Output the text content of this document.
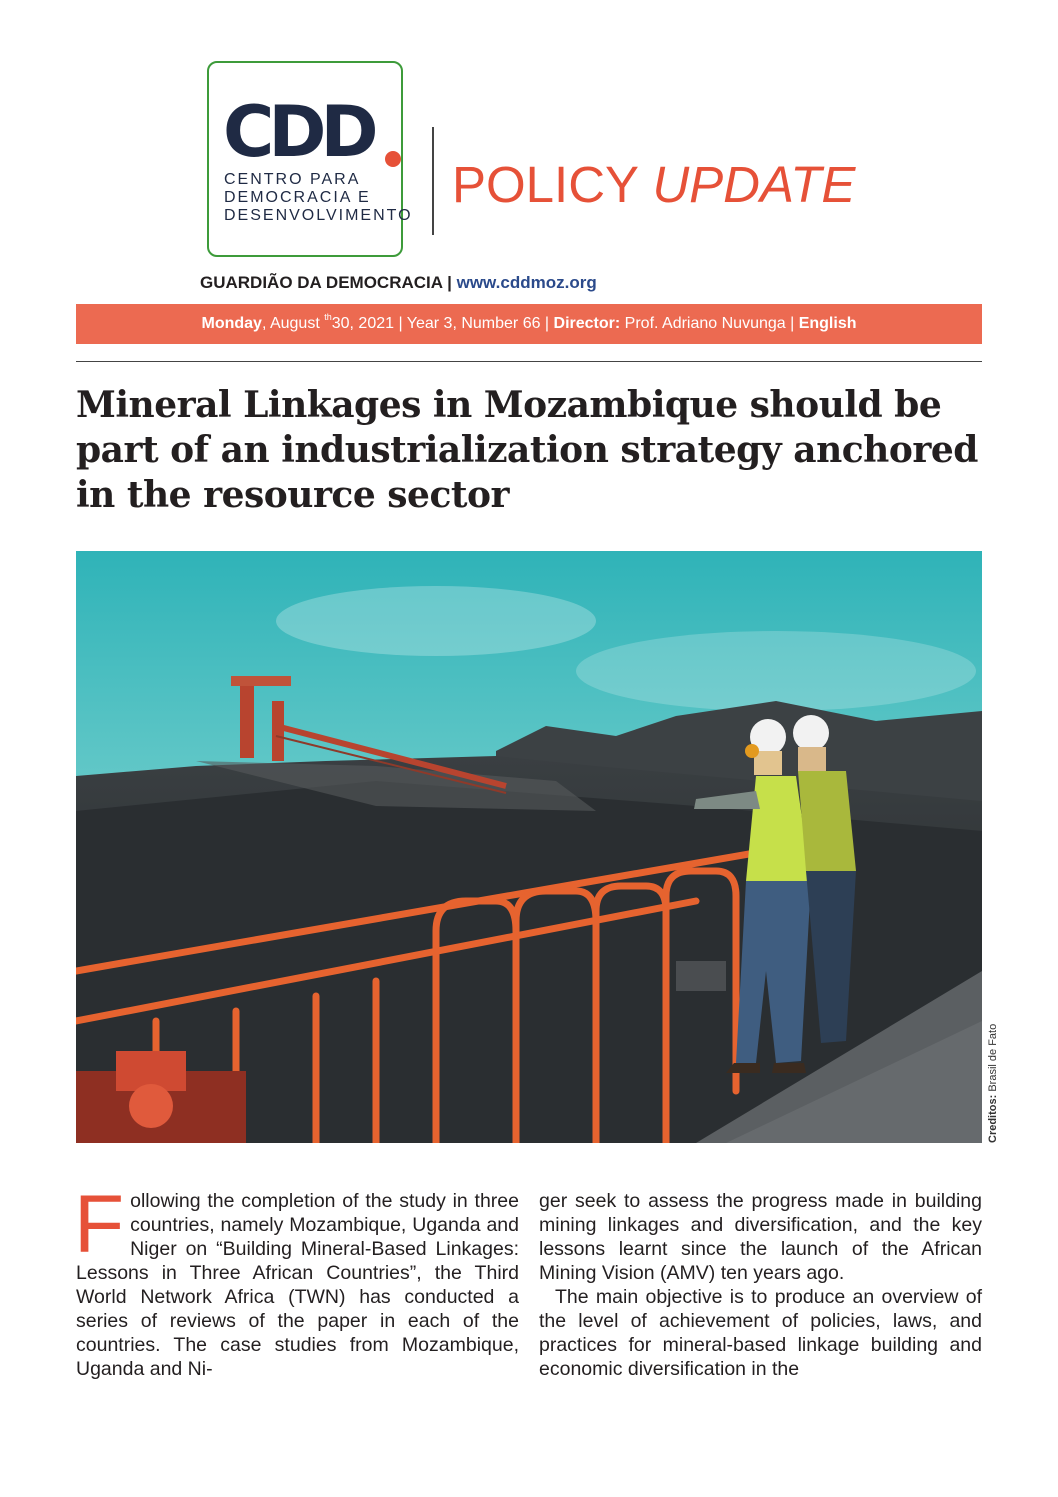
CDD
CENTRO PARA
DEMOCRACIA E
DESENVOLVIMENTO
POLICY UPDATE
GUARDIÃO DA DEMOCRACIA | www.cddmoz.org
Monday, August $^{th}$30, 2021 | Year 3, Number 66 | Director: Prof. Adriano Nuvunga | English
Mineral Linkages in Mozambique should be part of an industrialization strategy anchored in the resource sector
Creditos: Brasil de Fato
F ollowing the completion of the study in three countries, namely Mozambique, Uganda and Niger on “Building Mineral-Based Linkages: Lessons in Three African Countries”, the Third World Network Africa (TWN) has conducted a series of reviews of the paper in each of the countries. The case studies from Mozambique, Uganda and Ni-

ger seek to assess the progress made in building mining linkages and diversification, and the key lessons learnt since the launch of the African Mining Vision (AMV) ten years ago.

The main objective is to produce an overview of the level of achievement of policies, laws, and practices for mineral-based linkage building and economic diversification in the
